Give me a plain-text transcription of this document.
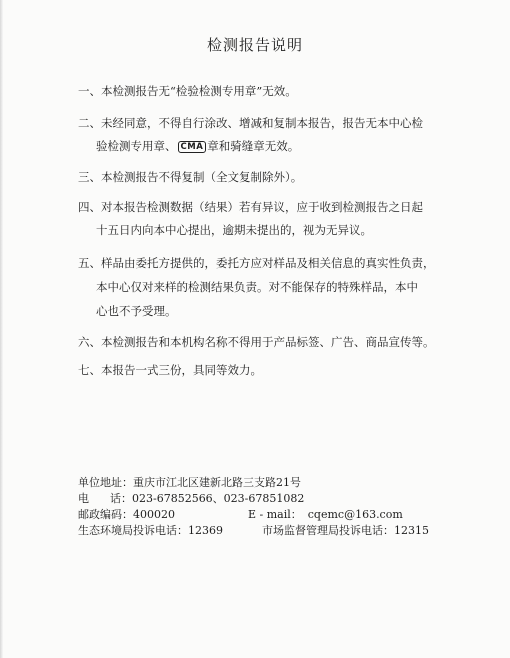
检测报告说明
一、本检测报告无“检验检测专用章”无效。
二、未经同意，不得自行涂改、增减和复制本报告，报告无本中心检
验检测专用章、 CMA 章和骑缝章无效。
三、本检测报告不得复制（全文复制除外）。
四、对本报告检测数据（结果）若有异议，应于收到检测报告之日起
十五日内向本中心提出，逾期未提出的，视为无异议。
五、样品由委托方提供的，委托方应对样品及相关信息的真实性负责，
本中心仅对来样的检测结果负责。对不能保存的特殊样品，本中
心也不予受理。
六、本检测报告和本机构名称不得用于产品标签、广告、商品宣传等。
七、本报告一式三份，具同等效力。
单位地址：重庆市江北区建新北路三支路21号
电      话：023-67852566、023-67851082
邮政编码：400020	E - mail： cqemc@163.com
生态环境局投诉电话：12369	市场监督管理局投诉电话：12315
